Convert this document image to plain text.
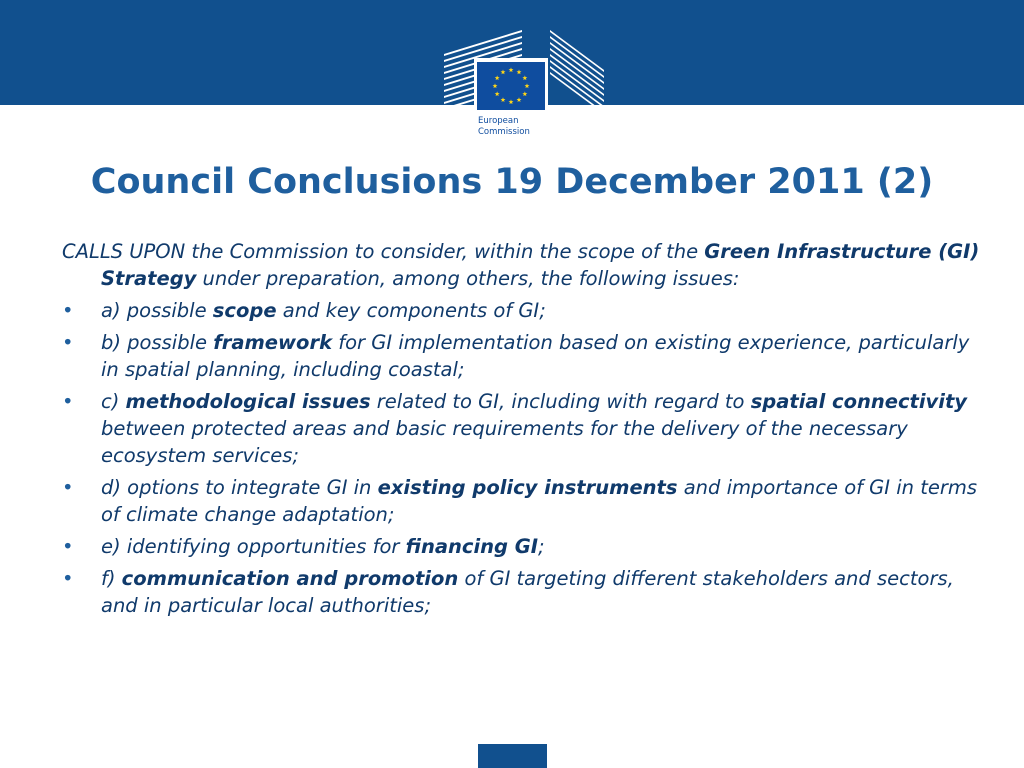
European
Commission
Council Conclusions 19 December 2011 (2)

CALLS UPON the Commission to consider, within the scope of the Green Infrastructure (GI) Strategy under preparation, among others, the following issues:

• a) possible scope and key components of GI;
• b) possible framework for GI implementation based on existing experience, particularly in spatial planning, including coastal;
• c) methodological issues related to GI, including with regard to spatial connectivity between protected areas and basic requirements for the delivery of the necessary ecosystem services;
• d) options to integrate GI in existing policy instruments and importance of GI in terms of climate change adaptation;
• e) identifying opportunities for financing GI;
• f) communication and promotion of GI targeting different stakeholders and sectors, and in particular local authorities;
